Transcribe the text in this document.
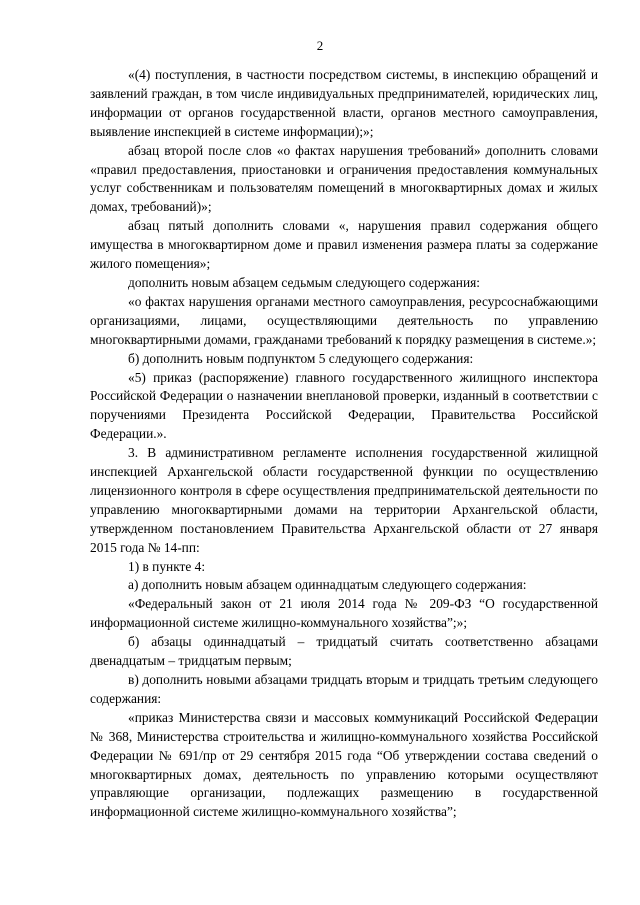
2

«(4) поступления, в частности посредством системы, в инспекцию обращений и заявлений граждан, в том числе индивидуальных предпринимателей, юридических лиц, информации от органов государственной власти, органов местного самоуправления, выявление инспекцией в системе информации);»;

абзац второй после слов «о фактах нарушения требований» дополнить словами «правил предоставления, приостановки и ограничения предоставления коммунальных услуг собственникам и пользователям помещений в многоквартирных домах и жилых домах, требований)»;

абзац пятый дополнить словами «, нарушения правил содержания общего имущества в многоквартирном доме и правил изменения размера платы за содержание жилого помещения»;

дополнить новым абзацем седьмым следующего содержания:

«о фактах нарушения органами местного самоуправления, ресурсоснабжающими организациями, лицами, осуществляющими деятельность по управлению многоквартирными домами, гражданами требований к порядку размещения в системе.»;

б) дополнить новым подпунктом 5 следующего содержания:

«5) приказ (распоряжение) главного государственного жилищного инспектора Российской Федерации о назначении внеплановой проверки, изданный в соответствии с поручениями Президента Российской Федерации, Правительства Российской Федерации.».

3. В административном регламенте исполнения государственной жилищной инспекцией Архангельской области государственной функции по осуществлению лицензионного контроля в сфере осуществления предпринимательской деятельности по управлению многоквартирными домами на территории Архангельской области, утвержденном постановлением Правительства Архангельской области от 27 января 2015 года № 14-пп:

1) в пункте 4:

а) дополнить новым абзацем одиннадцатым следующего содержания:

«Федеральный закон от 21 июля 2014 года № 209-ФЗ “О государственной информационной системе жилищно-коммунального хозяйства”;»;

б) абзацы одиннадцатый – тридцатый считать соответственно абзацами двенадцатым – тридцатым первым;

в) дополнить новыми абзацами тридцать вторым и тридцать третьим следующего содержания:

«приказ Министерства связи и массовых коммуникаций Российской Федерации № 368, Министерства строительства и жилищно-коммунального хозяйства Российской Федерации № 691/пр от 29 сентября 2015 года “Об утверждении состава сведений о многоквартирных домах, деятельность по управлению которыми осуществляют управляющие организации, подлежащих размещению в государственной информационной системе жилищно-коммунального хозяйства”;
